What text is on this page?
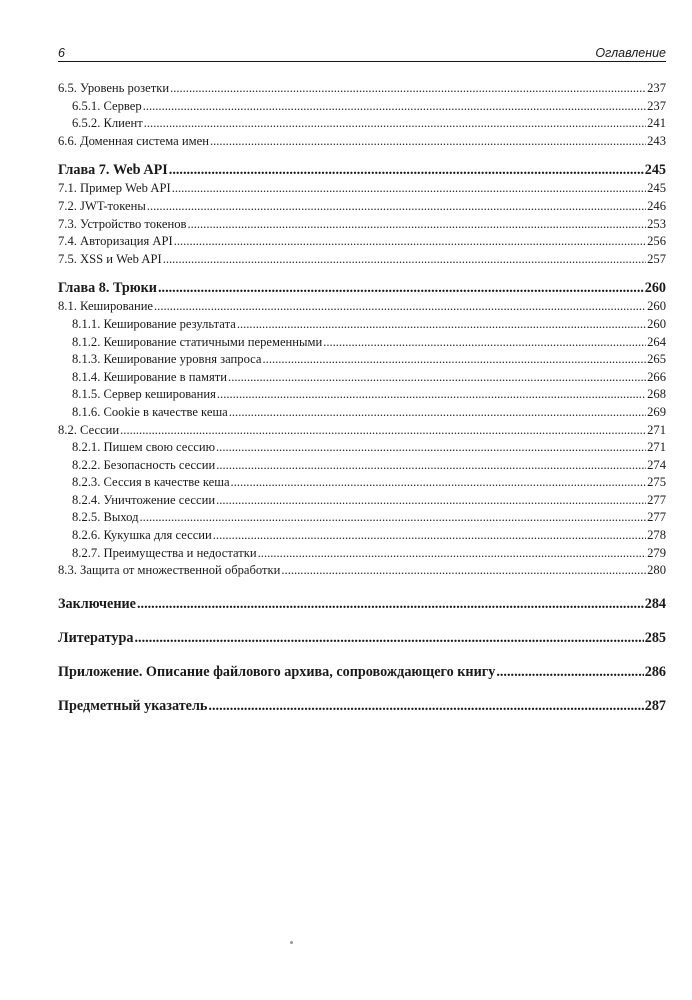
6	Оглавление
6.5. Уровень розетки .....	237
6.5.1. Сервер .....	237
6.5.2. Клиент .....	241
6.6. Доменная система имен .....	243
Глава 7. Web API .....	245
7.1. Пример Web API .....	245
7.2. JWT-токены .....	246
7.3. Устройство токенов .....	253
7.4. Авторизация API .....	256
7.5. XSS и Web API .....	257
Глава 8. Трюки .....	260
8.1. Кеширование .....	260
8.1.1. Кеширование результата .....	260
8.1.2. Кеширование статичными переменными .....	264
8.1.3. Кеширование уровня запроса .....	265
8.1.4. Кеширование в памяти .....	266
8.1.5. Сервер кеширования .....	268
8.1.6. Cookie в качестве кеша .....	269
8.2. Сессии .....	271
8.2.1. Пишем свою сессию .....	271
8.2.2. Безопасность сессии .....	274
8.2.3. Сессия в качестве кеша .....	275
8.2.4. Уничтожение сессии .....	277
8.2.5. Выход .....	277
8.2.6. Кукушка для сессии .....	278
8.2.7. Преимущества и недостатки .....	279
8.3. Защита от множественной обработки .....	280
Заключение .....	284
Литература .....	285
Приложение. Описание файлового архива, сопровождающего книгу .....	286
Предметный указатель .....	287
